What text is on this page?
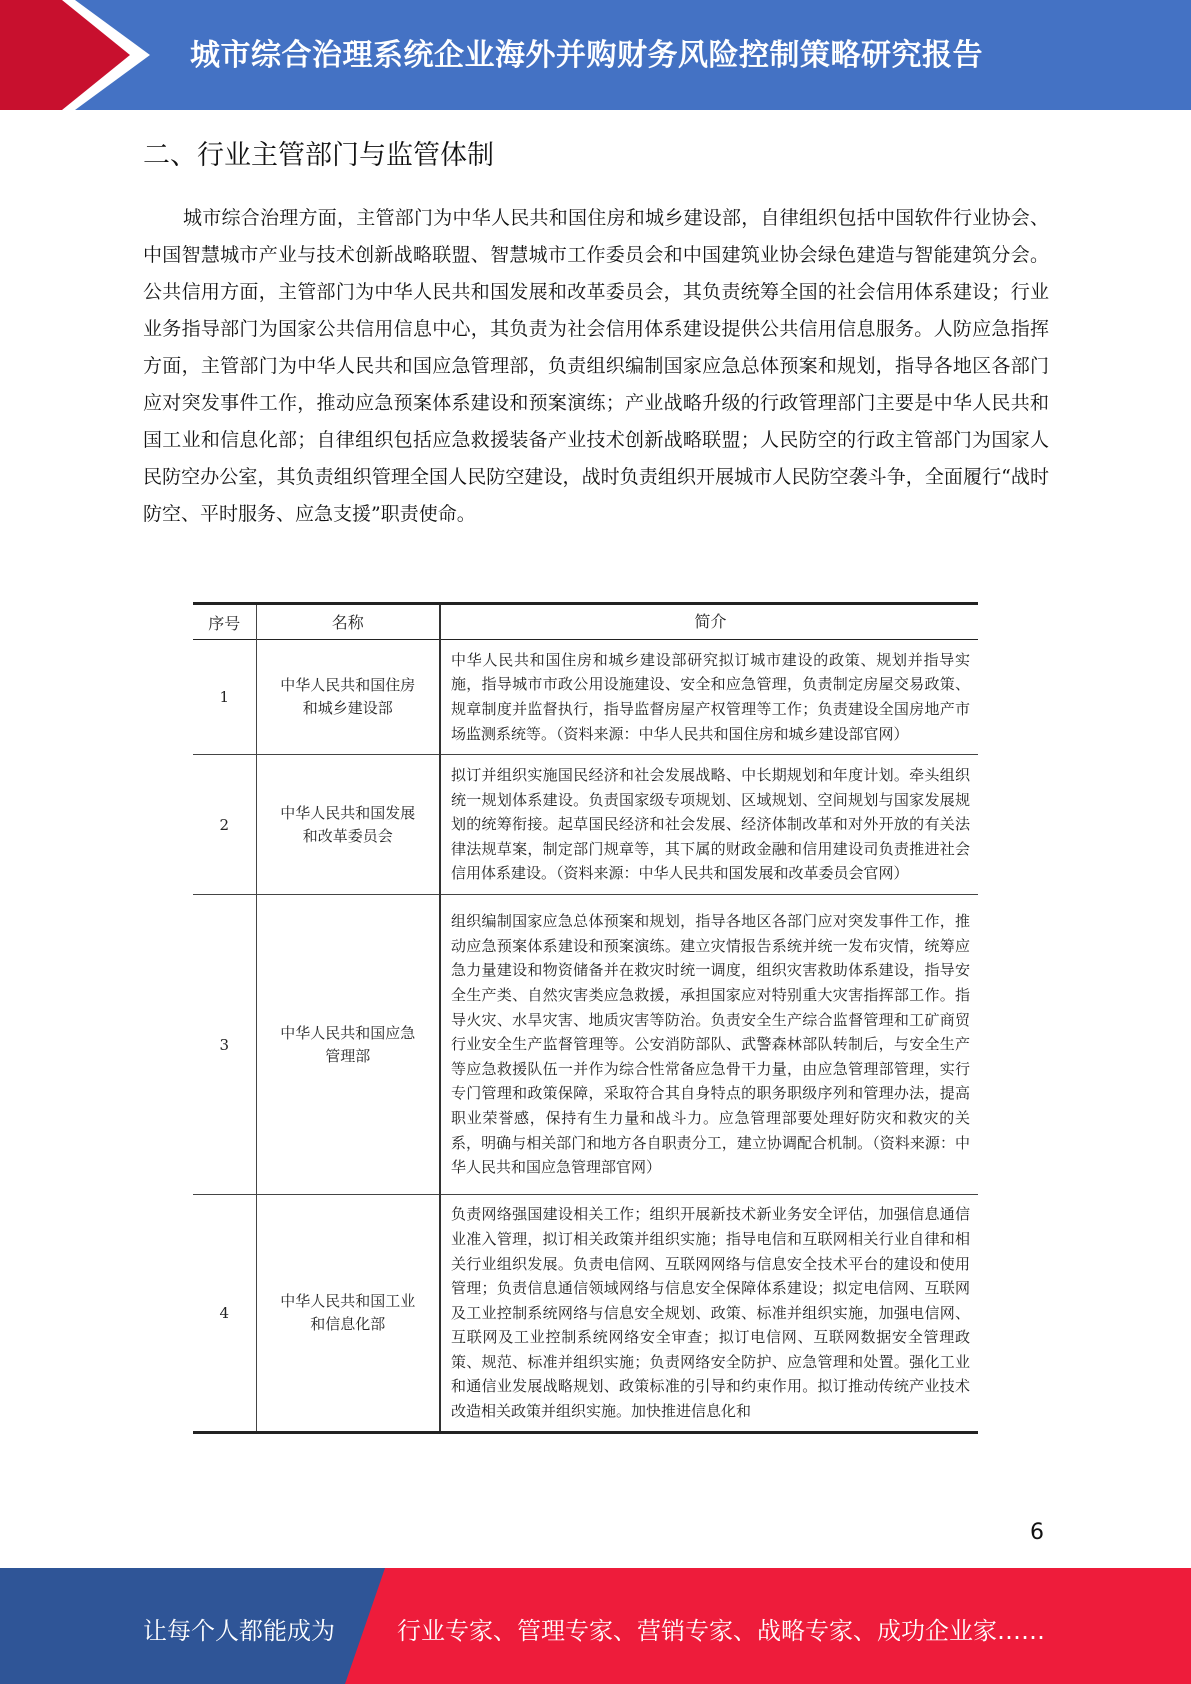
城市综合治理系统企业海外并购财务风险控制策略研究报告
二、行业主管部门与监管体制

城市综合治理方面，主管部门为中华人民共和国住房和城乡建设部，自律组织包括中国软件行业协会、中国智慧城市产业与技术创新战略联盟、智慧城市工作委员会和中国建筑业协会绿色建造与智能建筑分会。公共信用方面，主管部门为中华人民共和国发展和改革委员会，其负责统筹全国的社会信用体系建设；行业业务指导部门为国家公共信用信息中心，其负责为社会信用体系建设提供公共信用信息服务。人防应急指挥方面，主管部门为中华人民共和国应急管理部，负责组织编制国家应急总体预案和规划，指导各地区各部门应对突发事件工作，推动应急预案体系建设和预案演练；产业战略升级的行政管理部门主要是中华人民共和国工业和信息化部；自律组织包括应急救援装备产业技术创新战略联盟；人民防空的行政主管部门为国家人民防空办公室，其负责组织管理全国人民防空建设，战时负责组织开展城市人民防空袭斗争，全面履行“战时防空、平时服务、应急支援”职责使命。

序号	名称	简介
1	中华人民共和国住房和城乡建设部	中华人民共和国住房和城乡建设部研究拟订城市建设的政策、规划并指导实施，指导城市市政公用设施建设、安全和应急管理，负责制定房屋交易政策、规章制度并监督执行，指导监督房屋产权管理等工作；负责建设全国房地产市场监测系统等。（资料来源：中华人民共和国住房和城乡建设部官网）
2	中华人民共和国发展和改革委员会	拟订并组织实施国民经济和社会发展战略、中长期规划和年度计划。牵头组织统一规划体系建设。负责国家级专项规划、区域规划、空间规划与国家发展规划的统筹衔接。起草国民经济和社会发展、经济体制改革和对外开放的有关法律法规草案，制定部门规章等，其下属的财政金融和信用建设司负责推进社会信用体系建设。（资料来源：中华人民共和国发展和改革委员会官网）
3	中华人民共和国应急管理部	组织编制国家应急总体预案和规划，指导各地区各部门应对突发事件工作，推动应急预案体系建设和预案演练。建立灾情报告系统并统一发布灾情，统筹应急力量建设和物资储备并在救灾时统一调度，组织灾害救助体系建设，指导安全生产类、自然灾害类应急救援，承担国家应对特别重大灾害指挥部工作。指导火灾、水旱灾害、地质灾害等防治。负责安全生产综合监督管理和工矿商贸行业安全生产监督管理等。公安消防部队、武警森林部队转制后，与安全生产等应急救援队伍一并作为综合性常备应急骨干力量，由应急管理部管理，实行专门管理和政策保障，采取符合其自身特点的职务职级序列和管理办法，提高职业荣誉感，保持有生力量和战斗力。应急管理部要处理好防灾和救灾的关系，明确与相关部门和地方各自职责分工，建立协调配合机制。（资料来源：中华人民共和国应急管理部官网）
4	中华人民共和国工业和信息化部	负责网络强国建设相关工作；组织开展新技术新业务安全评估，加强信息通信业准入管理，拟订相关政策并组织实施；指导电信和互联网相关行业自律和相关行业组织发展。负责电信网、互联网网络与信息安全技术平台的建设和使用管理；负责信息通信领域网络与信息安全保障体系建设；拟定电信网、互联网及工业控制系统网络与信息安全规划、政策、标准并组织实施，加强电信网、互联网及工业控制系统网络安全审查；拟订电信网、互联网数据安全管理政策、规范、标准并组织实施；负责网络安全防护、应急管理和处置。强化工业和通信业发展战略规划、政策标准的引导和约束作用。拟订推动传统产业技术改造相关政策并组织实施。加快推进信息化和
6
让每个人都能成为	行业专家、管理专家、营销专家、战略专家、成功企业家……
